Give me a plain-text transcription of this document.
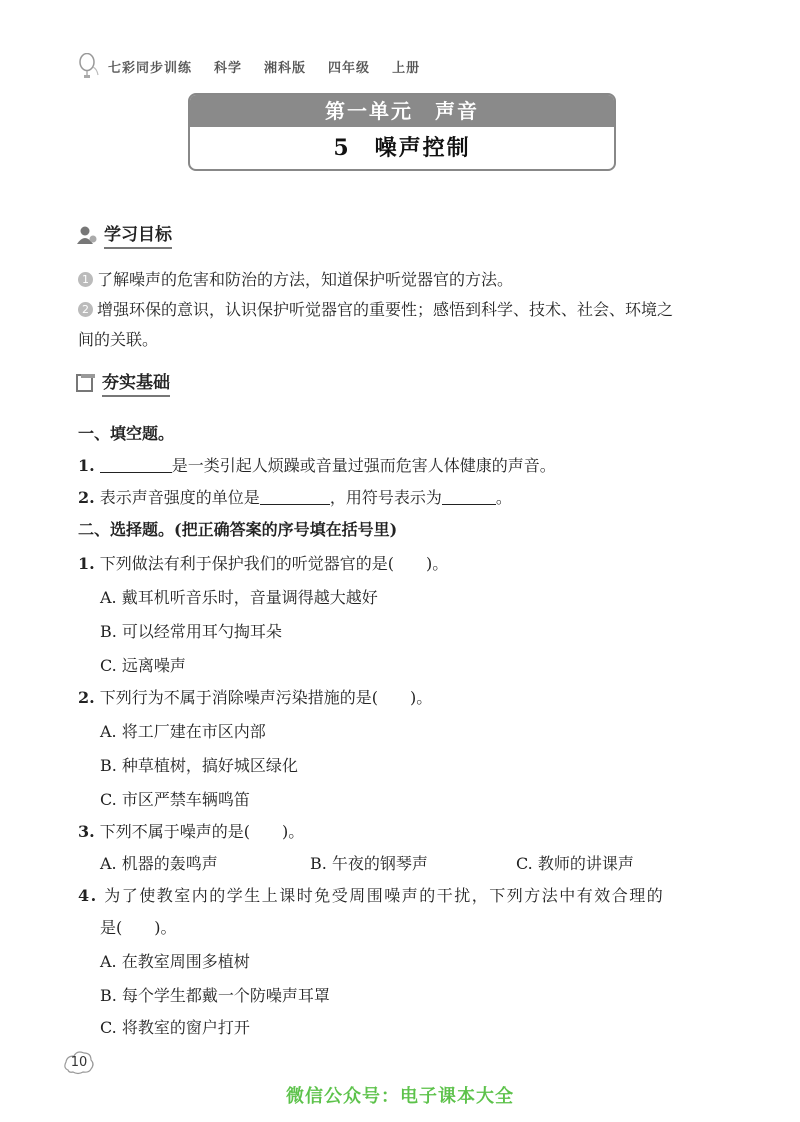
七彩同步训练 科学 湘科版 四年级 上册
第一单元　声音
5　噪声控制
学习目标
1 了解噪声的危害和防治的方法，知道保护听觉器官的方法。
2 增强环保的意识，认识保护听觉器官的重要性；感悟到科学、技术、社会、环境之
间的关联。
夯实基础
一、填空题。
1.	是一类引起人烦躁或音量过强而危害人体健康的声音。
2. 表示声音强度的单位是	，用符号表示为	。
二、选择题。(把正确答案的序号填在括号里)
1. 下列做法有利于保护我们的听觉器官的是(　　)。
A. 戴耳机听音乐时，音量调得越大越好
B. 可以经常用耳勺掏耳朵
C. 远离噪声
2. 下列行为不属于消除噪声污染措施的是(　　)。
A. 将工厂建在市区内部
B. 种草植树，搞好城区绿化
C. 市区严禁车辆鸣笛
3. 下列不属于噪声的是(　　)。
A. 机器的轰鸣声	B. 午夜的钢琴声	C. 教师的讲课声
4. 为了使教室内的学生上课时免受周围噪声的干扰，下列方法中有效合理的
是(　　)。
A. 在教室周围多植树
B. 每个学生都戴一个防噪声耳罩
C. 将教室的窗户打开
10
微信公众号：电子课本大全
